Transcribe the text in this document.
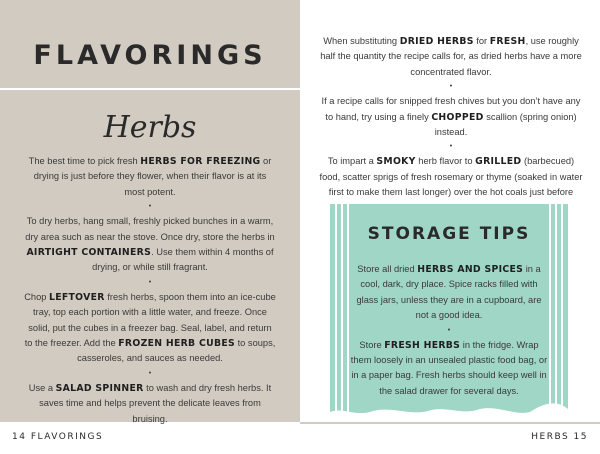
FLAVORINGS
Herbs

The best time to pick fresh HERBS FOR FREEZING or drying is just before they flower, when their flavor is at its most potent.

•

To dry herbs, hang small, freshly picked bunches in a warm, dry area such as near the stove. Once dry, store the herbs in AIRTIGHT CONTAINERS. Use them within 4 months of drying, or while still fragrant.

•

Chop LEFTOVER fresh herbs, spoon them into an ice-cube tray, top each portion with a little water, and freeze. Once solid, put the cubes in a freezer bag. Seal, label, and return to the freezer. Add the FROZEN HERB CUBES to soups, casseroles, and sauces as needed.

•

Use a SALAD SPINNER to wash and dry fresh herbs. It saves time and helps prevent the delicate leaves from bruising.

14 FLAVORINGS

When substituting DRIED HERBS for FRESH, use roughly half the quantity the recipe calls for, as dried herbs have a more concentrated flavor.

•

If a recipe calls for snipped fresh chives but you don’t have any to hand, try using a finely CHOPPED scallion (spring onion) instead.

•

To impart a SMOKY herb flavor to GRILLED (barbecued) food, scatter sprigs of fresh rosemary or thyme (soaked in water first to make them last longer) over the hot coals just before

STORAGE TIPS

Store all dried HERBS AND SPICES in a cool, dark, dry place. Spice racks filled with glass jars, unless they are in a cupboard, are not a good idea.

•

Store FRESH HERBS in the fridge. Wrap them loosely in an unsealed plastic food bag, or in a paper bag. Fresh herbs should keep well in the salad drawer for several days.

HERBS 15
